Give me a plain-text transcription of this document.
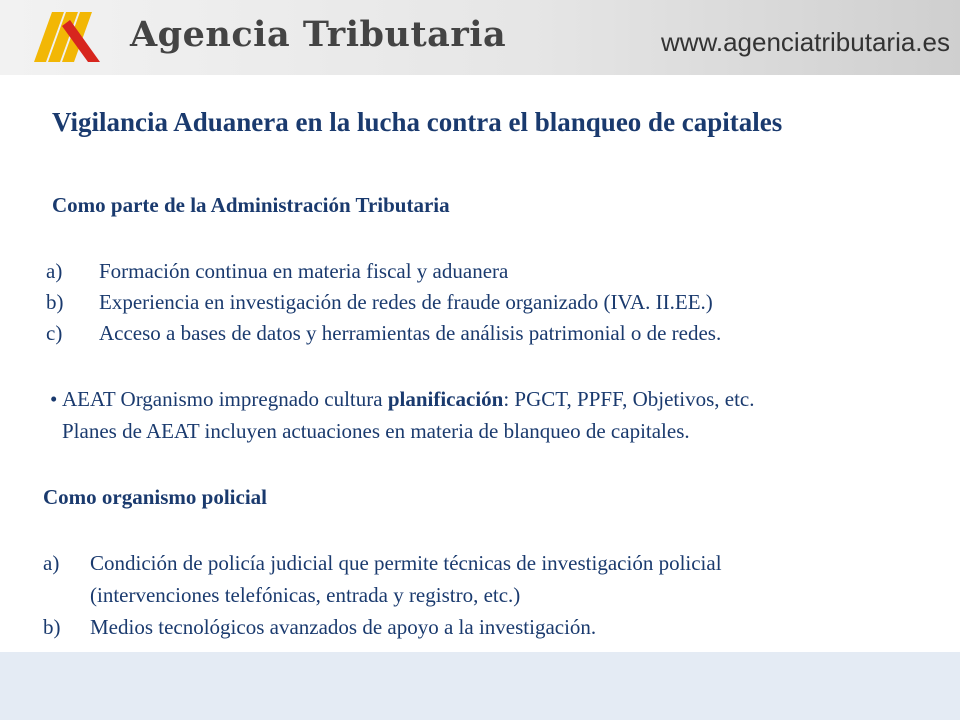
Agencia Tributaria	www.agenciatributaria.es
Vigilancia Aduanera en la lucha contra el blanqueo de capitales
Como parte de la Administración Tributaria
a) Formación continua en materia fiscal y aduanera
b) Experiencia en investigación de redes de fraude organizado (IVA. II.EE.)
c) Acceso a bases de datos y herramientas de análisis patrimonial o de redes.
• AEAT Organismo impregnado cultura planificación: PGCT, PPFF, Objetivos, etc.
Planes de AEAT incluyen actuaciones en materia de blanqueo de capitales.
Como organismo policial
a) Condición de policía judicial que permite técnicas de investigación policial
(intervenciones telefónicas, entrada y registro, etc.)
b) Medios tecnológicos avanzados de apoyo a la investigación.
